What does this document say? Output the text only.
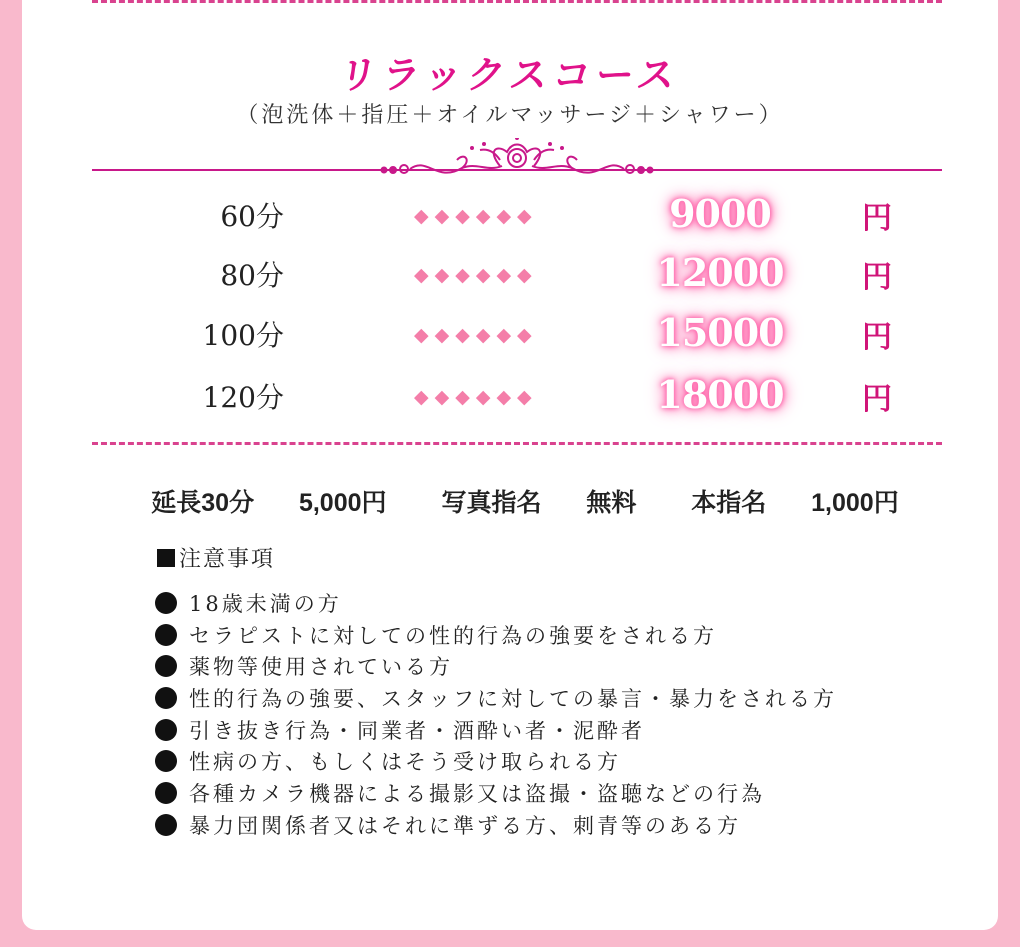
リラックスコース
（泡洗体＋指圧＋オイルマッサージ＋シャワー）
60分	◆◆◆◆◆◆	9000	円
80分	◆◆◆◆◆◆	12000	円
100分	◆◆◆◆◆◆	15000	円
120分	◆◆◆◆◆◆	18000	円
延長30分 5,000円 写真指名 無料 本指名 1,000円
注意事項
18歳未満の方
セラピストに対しての性的行為の強要をされる方
薬物等使用されている方
性的行為の強要、スタッフに対しての暴言・暴力をされる方
引き抜き行為・同業者・酒酔い者・泥酔者
性病の方、もしくはそう受け取られる方
各種カメラ機器による撮影又は盗撮・盗聴などの行為
暴力団関係者又はそれに準ずる方、刺青等のある方
